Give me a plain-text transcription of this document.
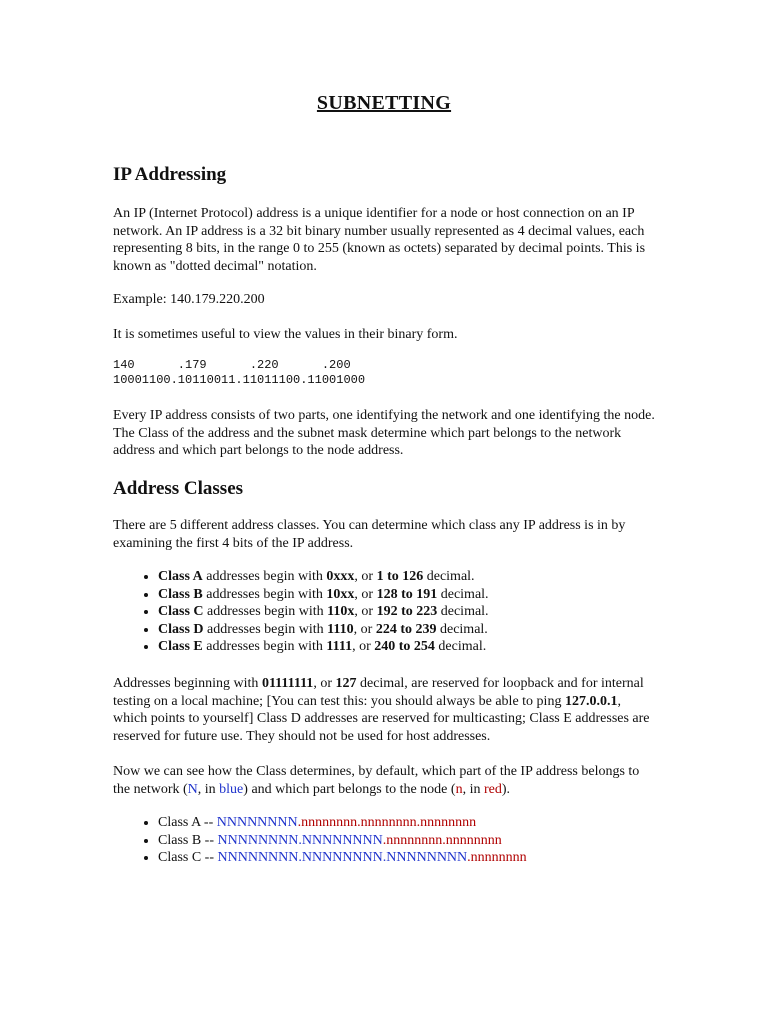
SUBNETTING
IP Addressing

An IP (Internet Protocol) address is a unique identifier for a node or host connection on an IP network. An IP address is a 32 bit binary number usually represented as 4 decimal values, each representing 8 bits, in the range 0 to 255 (known as octets) separated by decimal points. This is known as "dotted decimal" notation.

Example: 140.179.220.200

It is sometimes useful to view the values in their binary form.

140      .179      .220      .200
10001100.10110011.11011100.11001000

Every IP address consists of two parts, one identifying the network and one identifying the node. The Class of the address and the subnet mask determine which part belongs to the network address and which part belongs to the node address.

Address Classes

There are 5 different address classes. You can determine which class any IP address is in by examining the first 4 bits of the IP address.

• Class A addresses begin with 0xxx, or 1 to 126 decimal.
• Class B addresses begin with 10xx, or 128 to 191 decimal.
• Class C addresses begin with 110x, or 192 to 223 decimal.
• Class D addresses begin with 1110, or 224 to 239 decimal.
• Class E addresses begin with 1111, or 240 to 254 decimal.

Addresses beginning with 01111111, or 127 decimal, are reserved for loopback and for internal testing on a local machine; [You can test this: you should always be able to ping 127.0.0.1, which points to yourself] Class D addresses are reserved for multicasting; Class E addresses are reserved for future use. They should not be used for host addresses.

Now we can see how the Class determines, by default, which part of the IP address belongs to the network (N, in blue) and which part belongs to the node (n, in red).

• Class A -- NNNNNNNN.nnnnnnnn.nnnnnnnn.nnnnnnnn
• Class B -- NNNNNNNN.NNNNNNNN.nnnnnnnn.nnnnnnnn
• Class C -- NNNNNNNN.NNNNNNNN.NNNNNNNN.nnnnnnnn
